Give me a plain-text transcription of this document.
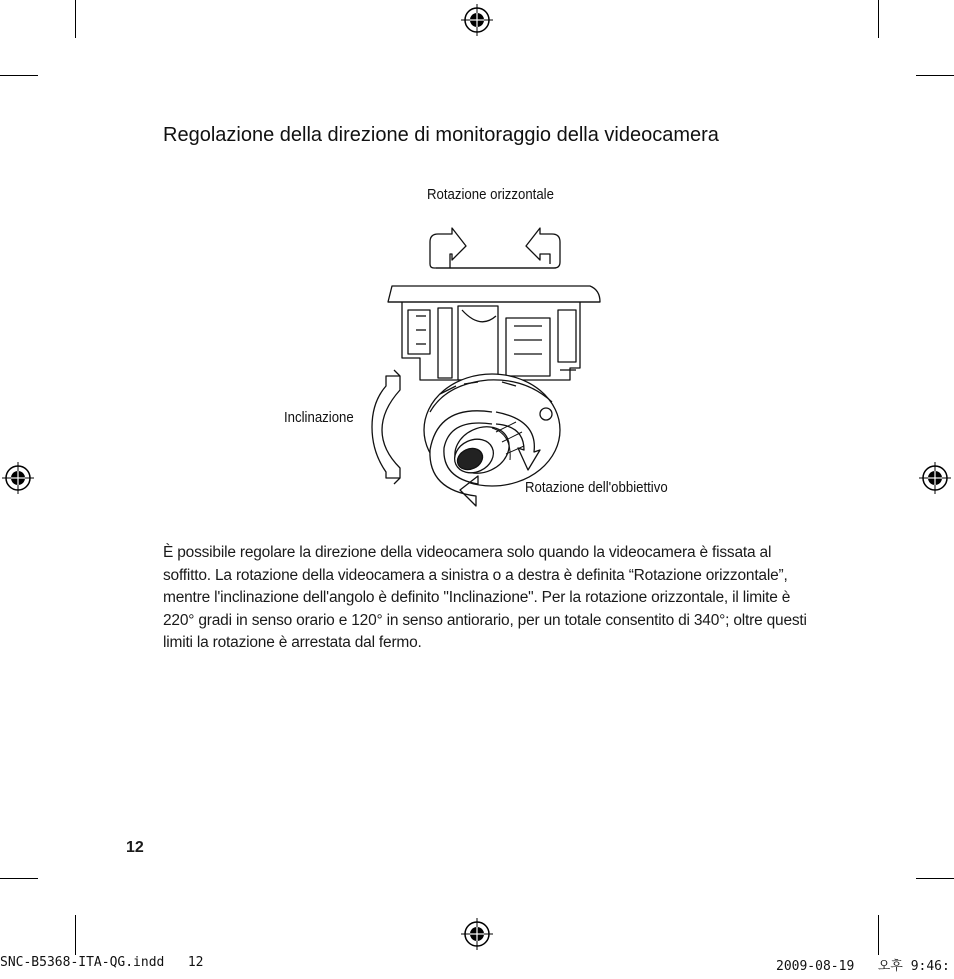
Regolazione della direzione di monitoraggio della videocamera
Rotazione orizzontale
Inclinazione
Rotazione dell'obbiettivo

È possibile regolare la direzione della videocamera solo quando la videocamera è fissata al soffitto. La rotazione della videocamera a sinistra o a destra è definita “Rotazione orizzontale”, mentre l'inclinazione dell'angolo è definito "Inclinazione". Per la rotazione orizzontale, il limite è 220° gradi in senso orario e 120° in senso antiorario, per un totale consentito di 340°; oltre questi limiti la rotazione è arrestata dal fermo.

12
SNC-B5368-ITA-QG.indd   12	2009-08-19   오후 9:46:
